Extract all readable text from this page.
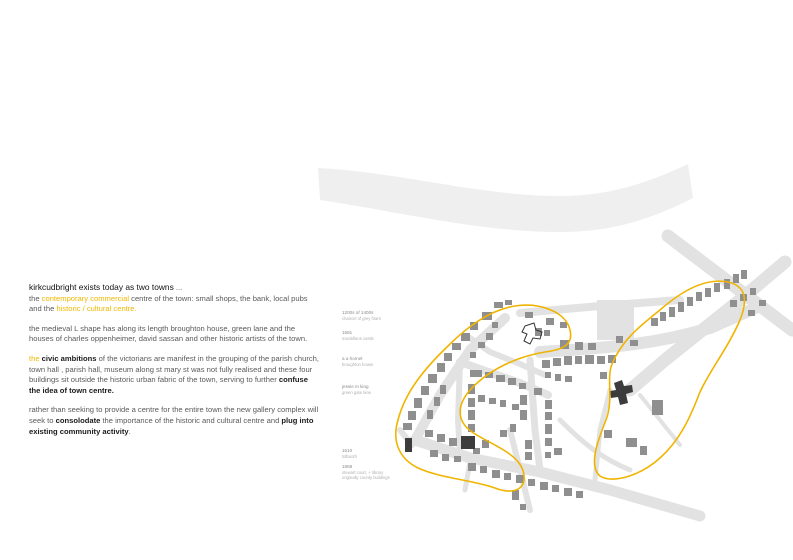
1200s of 1400s
chancel of grey friars
1581
maclellans castle
a a hornel
broughton house
jessie m king
green gate lane
1610
tolbooth
1868
stewart court, + library
originally county buildings

kirkcudbright exists today as two towns ...
the contemporary commercial centre of the town: small shops, the bank, local pubs and the historic / cultural centre.

the medieval L shape has along its length broughton house, green lane and the houses of charles oppenheimer, david sassan and other historic artists of the town.

the civic ambitions of the victorians are manifest in the grouping of the parish church, town hall , parish hall, museum along st mary st was not fully realised and these four buildings sit outside the historic urban fabric of the town, serving to further confuse the idea of town centre.

rather than seeking to provide a centre for the entire town the new gallery complex will seek to consolodate the importance of the historic and cultural centre and plug into existing community activity.
